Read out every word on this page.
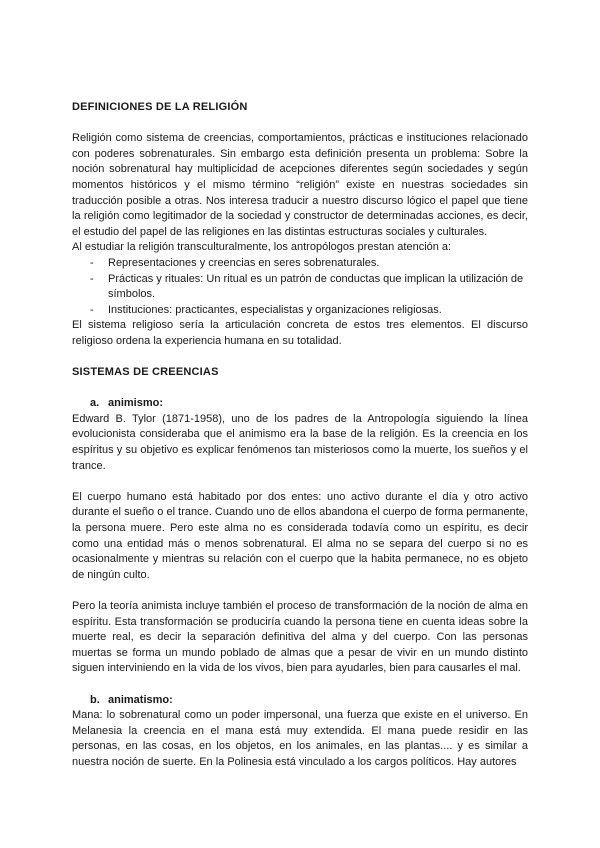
DEFINICIONES DE LA RELIGIÓN

Religión como sistema de creencias, comportamientos, prácticas e instituciones relacionado con poderes sobrenaturales. Sin embargo esta definición presenta un problema: Sobre la noción sobrenatural hay multiplicidad de acepciones diferentes según sociedades y según momentos históricos y el mismo término “religión” existe en nuestras sociedades sin traducción posible a otras. Nos interesa traducir a nuestro discurso lógico el papel que tiene la religión como legitimador de la sociedad y constructor de determinadas acciones, es decir, el estudio del papel de las religiones en las distintas estructuras sociales y culturales.

Al estudiar la religión transculturalmente, los antropólogos prestan atención a:

- Representaciones y creencias en seres sobrenaturales.
- Prácticas y rituales: Un ritual es un patrón de conductas que implican la utilización de símbolos.
- Instituciones: practicantes, especialistas y organizaciones religiosas.

El sistema religioso sería la articulación concreta de estos tres elementos. El discurso religioso ordena la experiencia humana en su totalidad.

SISTEMAS DE CREENCIAS
a. animismo:

Edward B. Tylor (1871-1958), uno de los padres de la Antropología siguiendo la línea evolucionista consideraba que el animismo era la base de la religión. Es la creencia en los espíritus y su objetivo es explicar fenómenos tan misteriosos como la muerte, los sueños y el trance.

El cuerpo humano está habitado por dos entes: uno activo durante el día y otro activo durante el sueño o el trance. Cuando uno de ellos abandona el cuerpo de forma permanente, la persona muere. Pero este alma no es considerada todavía como un espíritu, es decir como una entidad más o menos sobrenatural. El alma no se separa del cuerpo si no es ocasionalmente y mientras su relación con el cuerpo que la habita permanece, no es objeto de ningún culto.

Pero la teoría animista incluye también el proceso de transformación de la noción de alma en espíritu. Esta transformación se produciría cuando la persona tiene en cuenta ideas sobre la muerte real, es decir la separación definitiva del alma y del cuerpo. Con las personas muertas se forma un mundo poblado de almas que a pesar de vivir en un mundo distinto siguen interviniendo en la vida de los vivos, bien para ayudarles, bien para causarles el mal.

b. animatismo:

Mana: lo sobrenatural como un poder impersonal, una fuerza que existe en el universo. En Melanesia la creencia en el mana está muy extendida. El mana puede residir en las personas, en las cosas, en los objetos, en los animales, en las plantas.... y es similar a nuestra noción de suerte. En la Polinesia está vinculado a los cargos políticos. Hay autores
